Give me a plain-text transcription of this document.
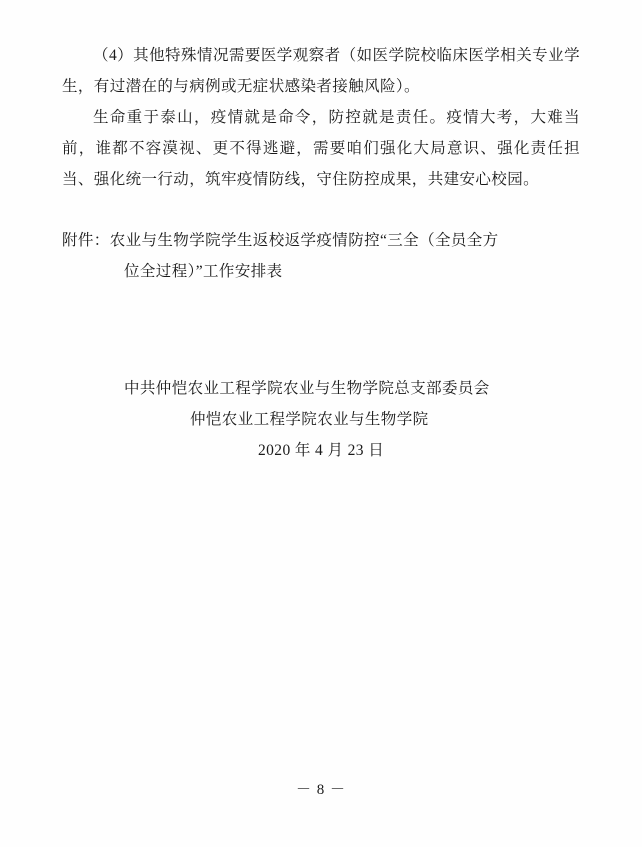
（4）其他特殊情况需要医学观察者（如医学院校临床医学相关专业学生，有过潜在的与病例或无症状感染者接触风险）。

生命重于泰山，疫情就是命令，防控就是责任。疫情大考，大难当前，谁都不容漠视、更不得逃避，需要咱们强化大局意识、强化责任担当、强化统一行动，筑牢疫情防线，守住防控成果，共建安心校园。

附件：农业与生物学院学生返校返学疫情防控“三全（全员全方
位全过程）”工作安排表
中共仲恺农业工程学院农业与生物学院总支部委员会
仲恺农业工程学院农业与生物学院
2020 年 4 月 23 日
－ 8 －
